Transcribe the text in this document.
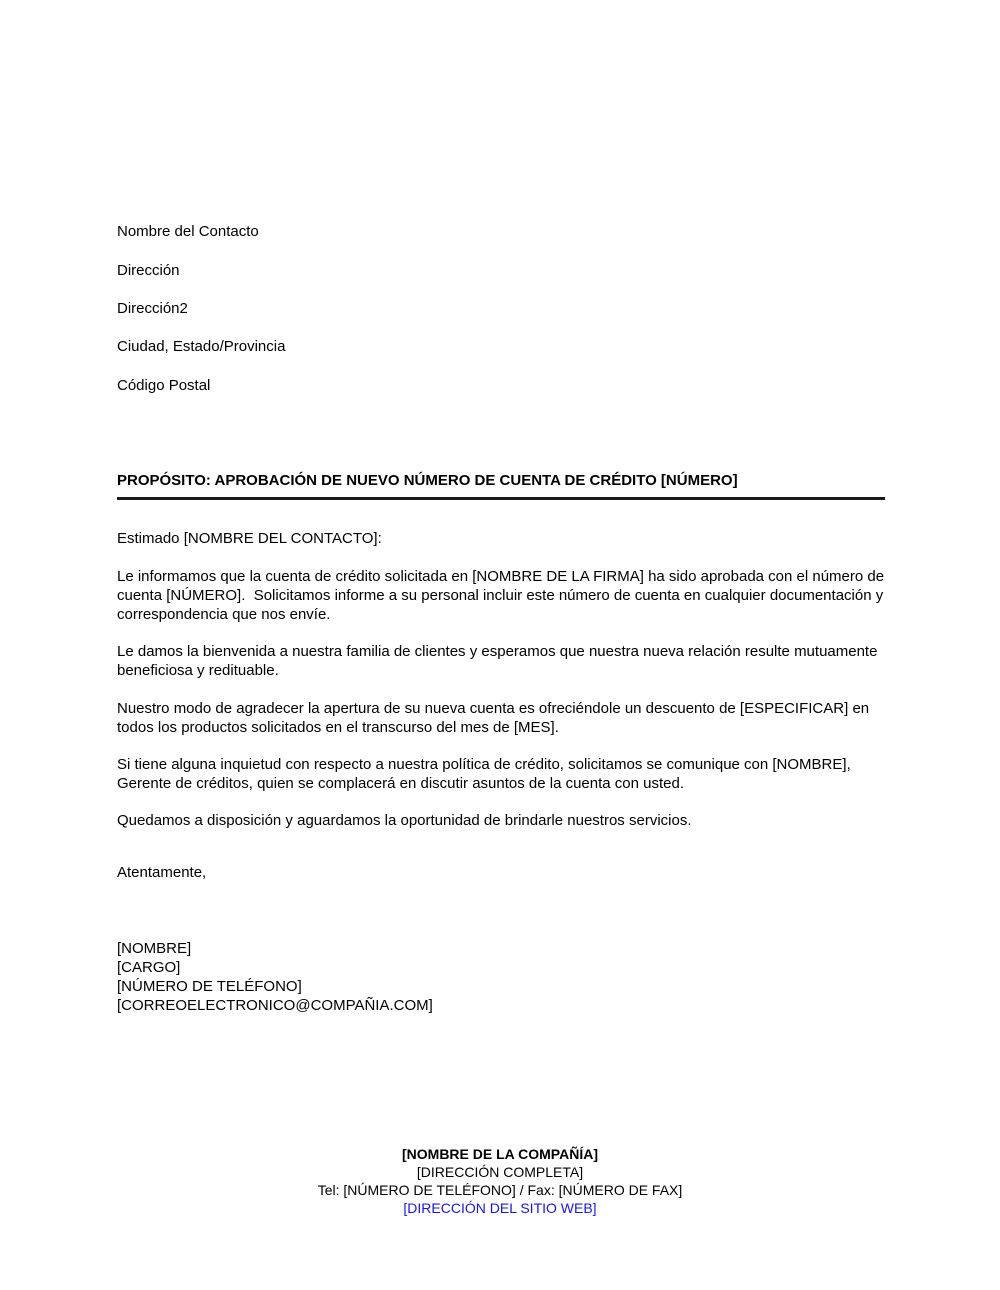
Nombre del Contacto

Dirección

Dirección2

Ciudad, Estado/Provincia

Código Postal

PROPÓSITO: APROBACIÓN DE NUEVO NÚMERO DE CUENTA DE CRÉDITO [NÚMERO]
Estimado [NOMBRE DEL CONTACTO]:
Le informamos que la cuenta de crédito solicitada en [NOMBRE DE LA FIRMA] ha sido aprobada con el número de cuenta [NÚMERO].  Solicitamos informe a su personal incluir este número de cuenta en cualquier documentación y correspondencia que nos envíe.
Le damos la bienvenida a nuestra familia de clientes y esperamos que nuestra nueva relación resulte mutuamente beneficiosa y redituable.
Nuestro modo de agradecer la apertura de su nueva cuenta es ofreciéndole un descuento de [ESPECIFICAR] en todos los productos solicitados en el transcurso del mes de [MES].
Si tiene alguna inquietud con respecto a nuestra política de crédito, solicitamos se comunique con [NOMBRE], Gerente de créditos, quien se complacerá en discutir asuntos de la cuenta con usted.
Quedamos a disposición y aguardamos la oportunidad de brindarle nuestros servicios.
Atentamente,
[NOMBRE]
[CARGO]
[NÚMERO DE TELÉFONO]
[CORREOELECTRONICO@COMPAÑIA.COM]
[NOMBRE DE LA COMPAÑÍA]
[DIRECCIÓN COMPLETA]
Tel: [NÚMERO DE TELÉFONO] / Fax: [NÚMERO DE FAX]
[DIRECCIÓN DEL SITIO WEB]
